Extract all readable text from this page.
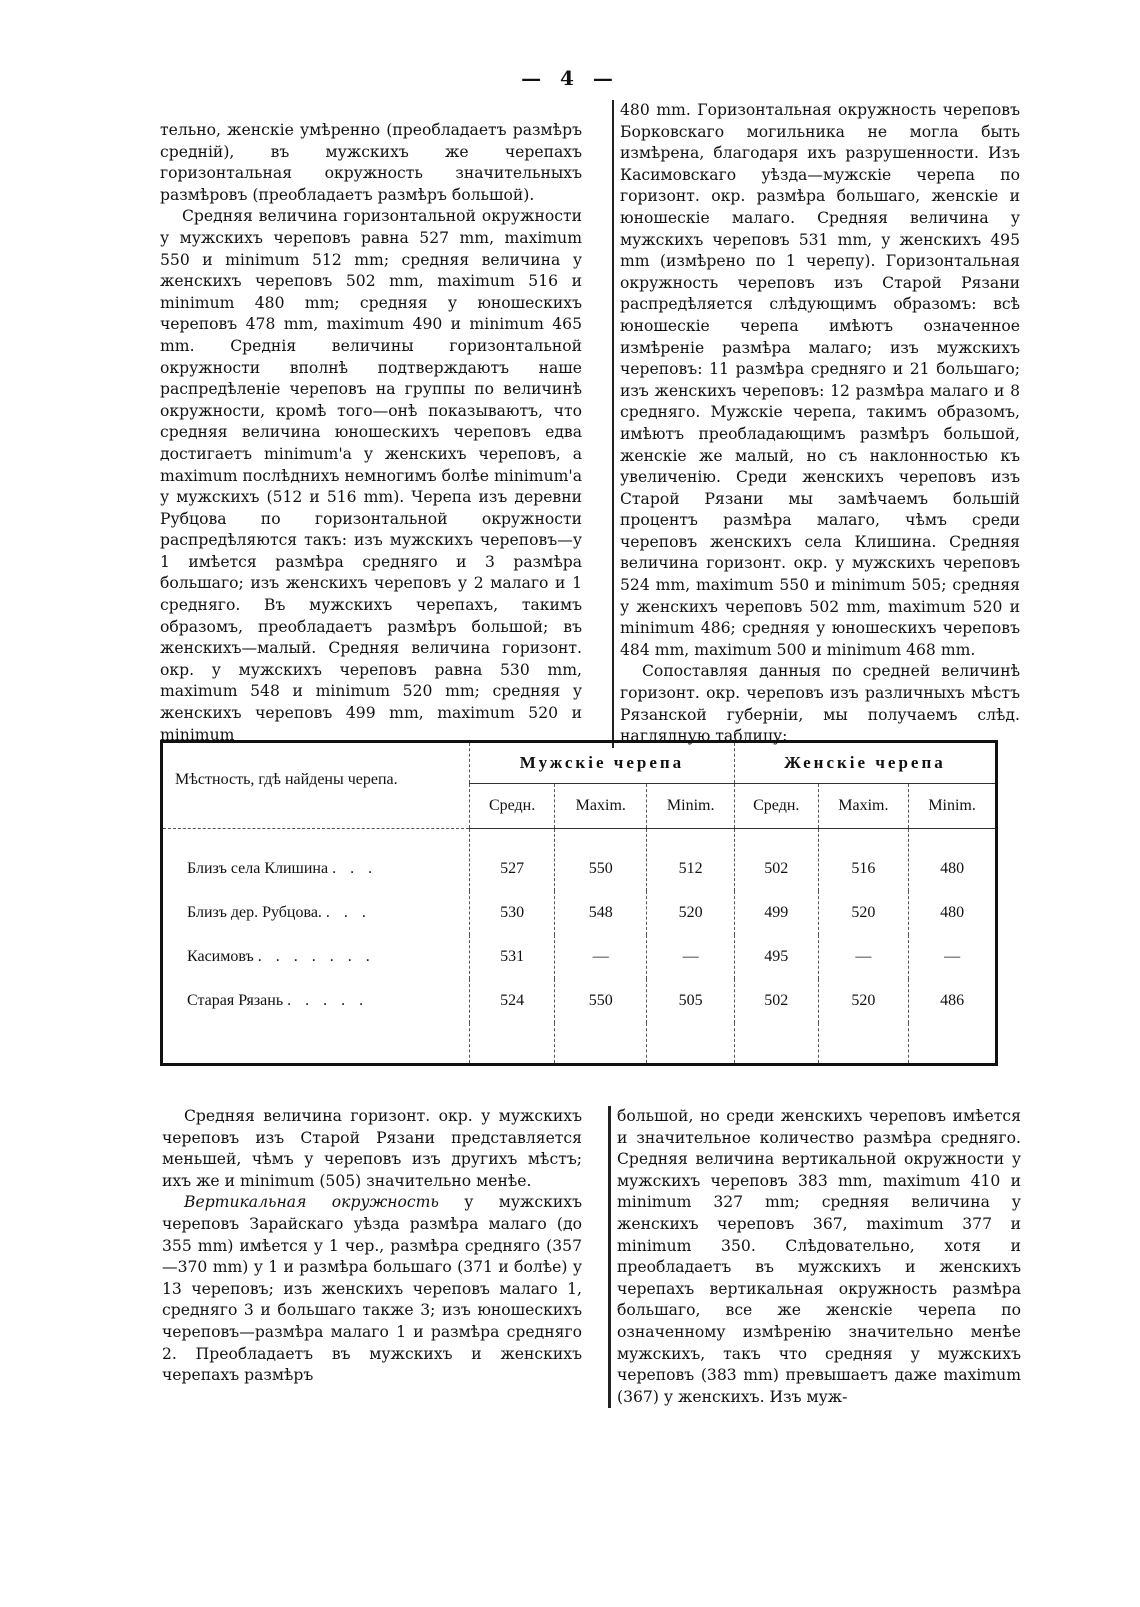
— 4 —

тельно, женскіе умѣренно (преобладаетъ размѣръ средній), въ мужскихъ же черепахъ горизонтальная окружность значительныхъ размѣровъ (преобладаетъ размѣръ большой).

Средняя величина горизонтальной окружности у мужскихъ череповъ равна 527 mm, maximum 550 и minimum 512 mm; средняя величина у женскихъ череповъ 502 mm, maximum 516 и minimum 480 mm; средняя у юношескихъ череповъ 478 mm, maximum 490 и minimum 465 mm. Среднія величины горизонтальной окружности вполнѣ подтверждаютъ наше распредѣленіе череповъ на группы по величинѣ окружности, кромѣ того—онѣ показываютъ, что средняя величина юношескихъ череповъ едва достигаетъ minimum'а у женскихъ череповъ, а maximum послѣднихъ немногимъ болѣе minimum'а у мужскихъ (512 и 516 mm). Черепа изъ деревни Рубцова по горизонтальной окружности распредѣляются такъ: изъ мужскихъ череповъ—у 1 имѣется размѣра средняго и 3 размѣра большаго; изъ женскихъ череповъ у 2 малаго и 1 средняго. Въ мужскихъ черепахъ, такимъ образомъ, преобладаетъ размѣръ большой; въ женскихъ—малый. Средняя величина горизонт. окр. у мужскихъ череповъ равна 530 mm, maximum 548 и minimum 520 mm; средняя у женскихъ череповъ 499 mm, maximum 520 и minimum

480 mm. Горизонтальная окружность череповъ Борковскаго могильника не могла быть измѣрена, благодаря ихъ разрушенности. Изъ Касимовскаго уѣзда—мужскіе черепа по горизонт. окр. размѣра большаго, женскіе и юношескіе малаго. Средняя величина у мужскихъ череповъ 531 mm, у женскихъ 495 mm (измѣрено по 1 черепу). Горизонтальная окружность череповъ изъ Старой Рязани распредѣляется слѣдующимъ образомъ: всѣ юношескіе черепа имѣютъ означенное измѣреніе размѣра малаго; изъ мужскихъ череповъ: 11 размѣра средняго и 21 большаго; изъ женскихъ череповъ: 12 размѣра малаго и 8 средняго. Мужскіе черепа, такимъ образомъ, имѣютъ преобладающимъ размѣръ большой, женскіе же малый, но съ наклонностью къ увеличенію. Среди женскихъ череповъ изъ Старой Рязани мы замѣчаемъ большій процентъ размѣра малаго, чѣмъ среди череповъ женскихъ села Клишина. Средняя величина горизонт. окр. у мужскихъ череповъ 524 mm, maximum 550 и minimum 505; средняя у женскихъ череповъ 502 mm, maximum 520 и minimum 486; средняя у юношескихъ череповъ 484 mm, maximum 500 и minimum 468 mm.

Сопоставляя данныя по средней величинѣ горизонт. окр. череповъ изъ различныхъ мѣстъ Рязанской губерніи, мы получаемъ слѣд. наглядную таблицу:

Мѣстность, гдѣ найдены черепа.	Мужскіе черепа			Женскіе черепа		
	Средн.	Maxim.	Minim.	Средн.	Maxim.	Minim.
Близъ села Клишина . . .	527	550	512	502	516	480
Близъ дер. Рубцова. . . .	530	548	520	499	520	480
Касимовъ . . . . . . .	531	—	—	495	—	—
Старая Рязань . . . . .	524	550	505	502	520	486

Средняя величина горизонт. окр. у мужскихъ череповъ изъ Старой Рязани представляется меньшей, чѣмъ у череповъ изъ другихъ мѣстъ; ихъ же и minimum (505) значительно менѣе.

Вертикальная окружность у мужскихъ череповъ Зарайскаго уѣзда размѣра малаго (до 355 mm) имѣется у 1 чер., размѣра средняго (357—370 mm) у 1 и размѣра большаго (371 и болѣе) у 13 череповъ; изъ женскихъ череповъ малаго 1, средняго 3 и большаго также 3; изъ юношескихъ череповъ—размѣра малаго 1 и размѣра средняго 2. Преобладаетъ въ мужскихъ и женскихъ черепахъ размѣръ

большой, но среди женскихъ череповъ имѣется и значительное количество размѣра средняго. Средняя величина вертикальной окружности у мужскихъ череповъ 383 mm, maximum 410 и minimum 327 mm; средняя величина у женскихъ череповъ 367, maximum 377 и minimum 350. Слѣдовательно, хотя и преобладаетъ въ мужскихъ и женскихъ черепахъ вертикальная окружность размѣра большаго, все же женскіе черепа по означенному измѣренію значительно менѣе мужскихъ, такъ что средняя у мужскихъ череповъ (383 mm) превышаетъ даже maximum (367) у женскихъ. Изъ муж-
